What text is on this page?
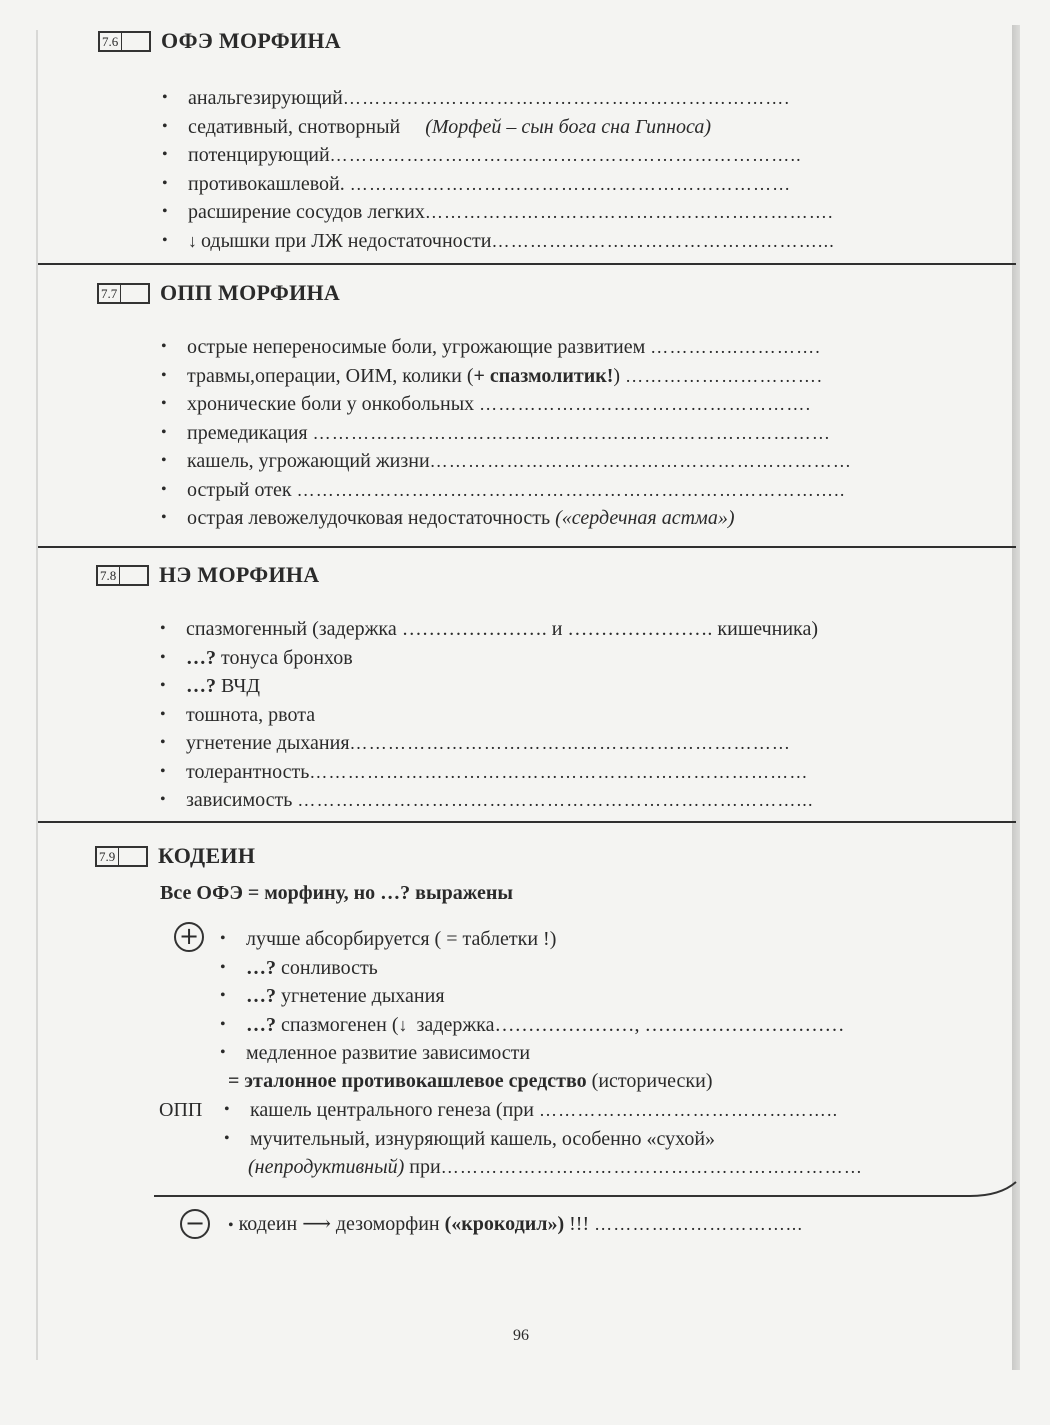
7.6 ОФЭ МОРФИНА
• анальгезирующий…………………………………………………………….
• седативный, снотворный (Морфей – сын бога сна Гипноса)
• потенцирующий………………………………………………………………..
• противокашлевой. ……………………………………………………………
• расширение сосудов легких……………………………………………………….
• ↓ одышки при ЛЖ недостаточности……………………………………………...
7.7 ОПП МОРФИНА
• острые непереносимые боли, угрожающие развитием …………..………….
• травмы,операции, ОИМ, колики (+ спазмолитик!) ………………………….
• хронические боли у онкобольных …………………………………………….
• премедикация ………………………………………………………………………
• кашель, угрожающий жизни…………………………………………………………
• острый отек …………………………………………………………………………..
• острая левожелудочковая недостаточность («сердечная астма»)
7.8 НЭ МОРФИНА
• спазмогенный (задержка …………………. и …………………. кишечника)
• …? тонуса бронхов
• …? ВЧД
• тошнота, рвота
• угнетение дыхания……………………………………………………………
• толерантность……………………………………………………………………
• зависимость ……………………………………………………………………...
7.9 КОДЕИН
Все ОФЭ = морфину, но …? выражены
+	• лучше абсорбируется ( = таблетки !)
• …? сонливость
• …? угнетение дыхания
• …? спазмогенен (↓ задержка…………………, …………………………
• медленное развитие зависимости
= эталонное противокашлевое средство (исторически)
ОПП • кашель центрального генеза (при ………………………………………..
• мучительный, изнуряющий кашель, особенно «сухой»
(непродуктивный) при…………………………………………………………
−	• кодеин ⟶ дезоморфин («крокодил») !!! …………………………...
96
